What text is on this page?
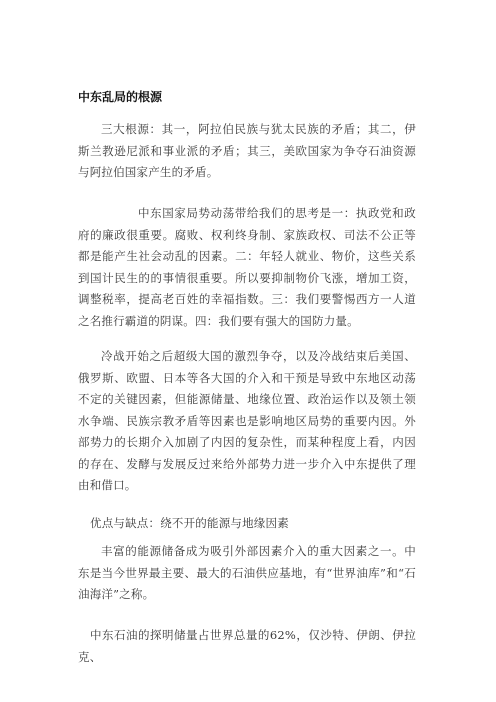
中东乱局的根源

三大根源：其一，阿拉伯民族与犹太民族的矛盾；其二，伊斯兰教逊尼派和事业派的矛盾；其三，美欧国家为争夺石油资源与阿拉伯国家产生的矛盾。

中东国家局势动荡带给我们的思考是一：执政党和政府的廉政很重要。腐败、权利终身制、家族政权、司法不公正等都是能产生社会动乱的因素。二：年轻人就业、物价，这些关系到国计民生的的事情很重要。所以要抑制物价飞涨，增加工资，调整税率，提高老百姓的幸福指数。三：我们要警惕西方一人道之名推行霸道的阴谋。四：我们要有强大的国防力量。

冷战开始之后超级大国的激烈争夺，以及冷战结束后美国、俄罗斯、欧盟、日本等各大国的介入和干预是导致中东地区动荡不定的关键因素，但能源储量、地缘位置、政治运作以及领土领水争端、民族宗教矛盾等因素也是影响地区局势的重要内因。外部势力的长期介入加剧了内因的复杂性，而某种程度上看，内因的存在、发酵与发展反过来给外部势力进一步介入中东提供了理由和借口。

优点与缺点：绕不开的能源与地缘因素

丰富的能源储备成为吸引外部因素介入的重大因素之一。中东是当今世界最主要、最大的石油供应基地，有“世界油库”和“石油海洋”之称。

中东石油的探明储量占世界总量的62%，仅沙特、伊朗、伊拉克、
